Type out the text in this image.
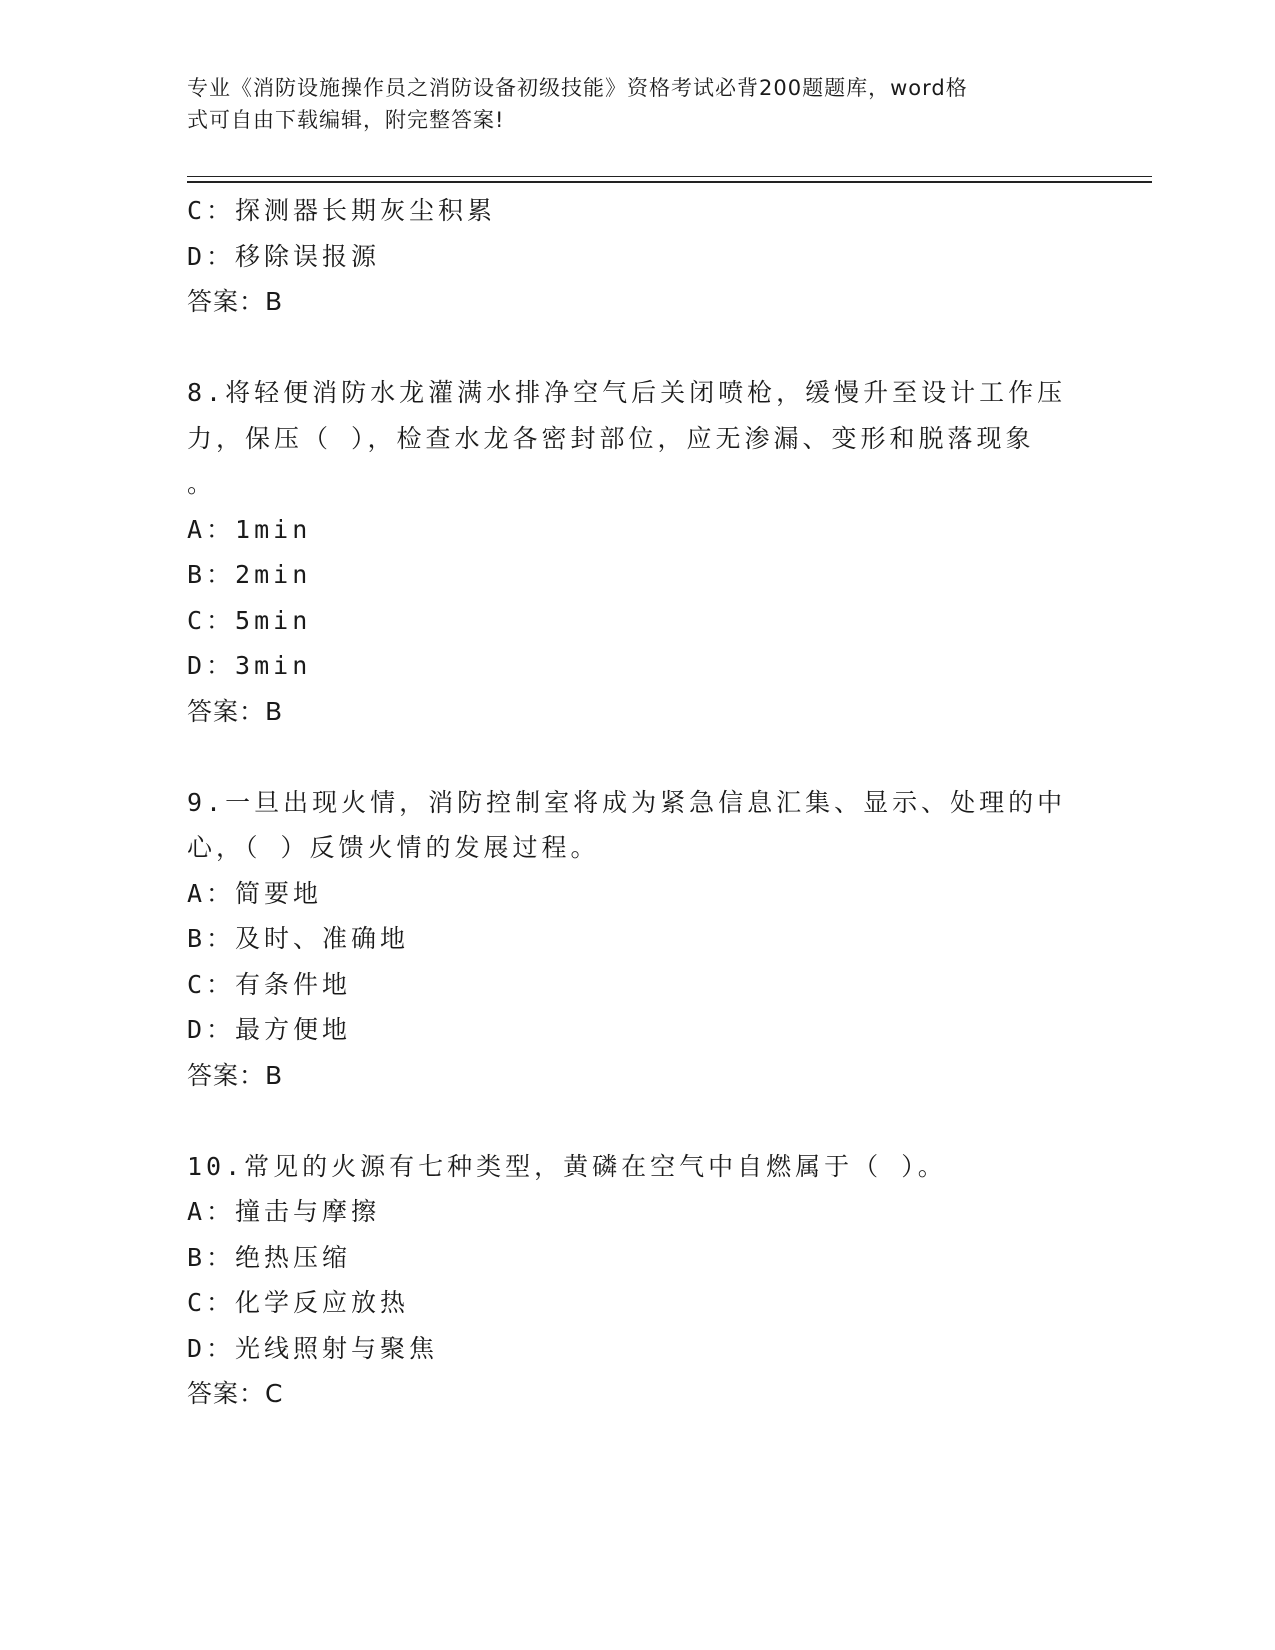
专业《消防设施操作员之消防设备初级技能》资格考试必背200题题库，word格
式可自由下载编辑，附完整答案!
C：探测器长期灰尘积累
D：移除误报源
答案：B
8.将轻便消防水龙灌满水排净空气后关闭喷枪，缓慢升至设计工作压
力，保压（ ），检查水龙各密封部位，应无渗漏、变形和脱落现象
。
A：1min
B：2min
C：5min
D：3min
答案：B
9.一旦出现火情，消防控制室将成为紧急信息汇集、显示、处理的中
心，（ ）反馈火情的发展过程。
A：简要地
B：及时、准确地
C：有条件地
D：最方便地
答案：B
10.常见的火源有七种类型，黄磷在空气中自燃属于（ ）。
A：撞击与摩擦
B：绝热压缩
C：化学反应放热
D：光线照射与聚焦
答案：C
